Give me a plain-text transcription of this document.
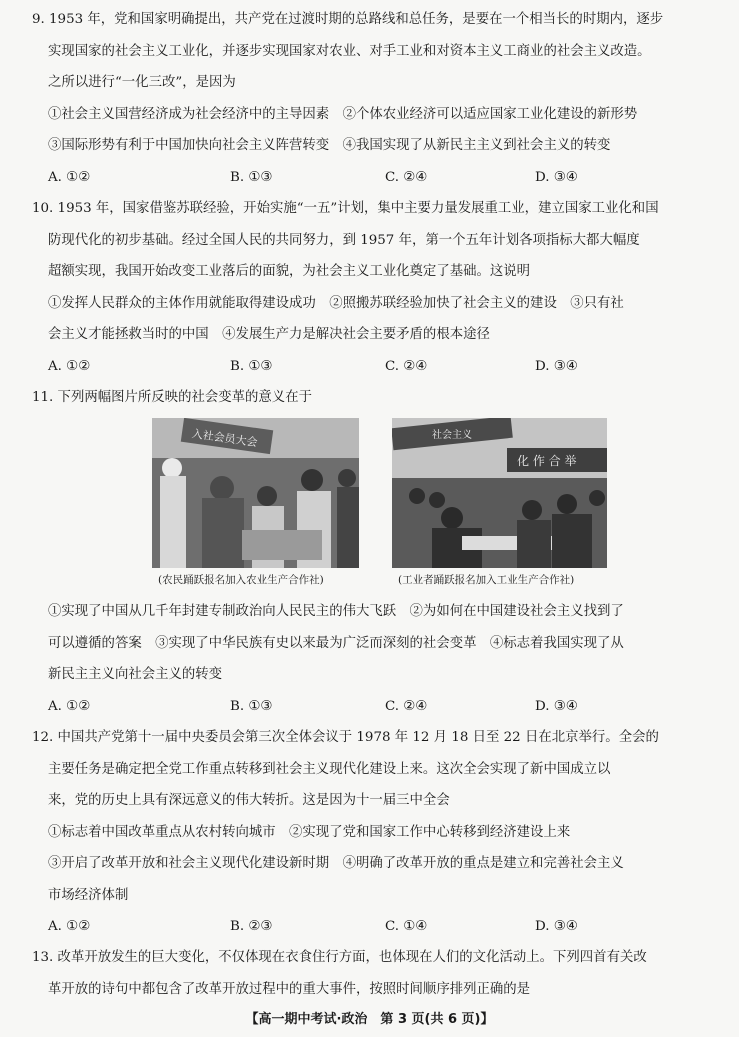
9. 1953 年，党和国家明确提出，共产党在过渡时期的总路线和总任务，是要在一个相当长的时期内，逐步
实现国家的社会主义工业化，并逐步实现国家对农业、对手工业和对资本主义工商业的社会主义改造。
之所以进行“一化三改”，是因为
①社会主义国营经济成为社会经济中的主导因素　②个体农业经济可以适应国家工业化建设的新形势
③国际形势有利于中国加快向社会主义阵营转变　④我国实现了从新民主主义到社会主义的转变
A. ①②	B. ①③	C. ②④	D. ③④
10. 1953 年，国家借鉴苏联经验，开始实施“一五”计划，集中主要力量发展重工业，建立国家工业化和国
防现代化的初步基础。经过全国人民的共同努力，到 1957 年，第一个五年计划各项指标大都大幅度
超额实现，我国开始改变工业落后的面貌，为社会主义工业化奠定了基础。这说明
①发挥人民群众的主体作用就能取得建设成功　②照搬苏联经验加快了社会主义的建设　③只有社
会主义才能拯救当时的中国　④发展生产力是解决社会主要矛盾的根本途径
A. ①②	B. ①③	C. ②④	D. ③④
11. 下列两幅图片所反映的社会变革的意义在于
入社会员大会	社会主义
化 作 合 举
(农民踊跃报名加入农业生产合作社)	(工业者踊跃报名加入工业生产合作社)
①实现了中国从几千年封建专制政治向人民民主的伟大飞跃　②为如何在中国建设社会主义找到了
可以遵循的答案　③实现了中华民族有史以来最为广泛而深刻的社会变革　④标志着我国实现了从
新民主主义向社会主义的转变
A. ①②	B. ①③	C. ②④	D. ③④
12. 中国共产党第十一届中央委员会第三次全体会议于 1978 年 12 月 18 日至 22 日在北京举行。全会的
主要任务是确定把全党工作重点转移到社会主义现代化建设上来。这次全会实现了新中国成立以
来，党的历史上具有深远意义的伟大转折。这是因为十一届三中全会
①标志着中国改革重点从农村转向城市　②实现了党和国家工作中心转移到经济建设上来
③开启了改革开放和社会主义现代化建设新时期　④明确了改革开放的重点是建立和完善社会主义
市场经济体制
A. ①②	B. ②③	C. ①④	D. ③④
13. 改革开放发生的巨大变化，不仅体现在衣食住行方面，也体现在人们的文化活动上。下列四首有关改
革开放的诗句中都包含了改革开放过程中的重大事件，按照时间顺序排列正确的是
【高一期中考试·政治　第 3 页(共 6 页)】
